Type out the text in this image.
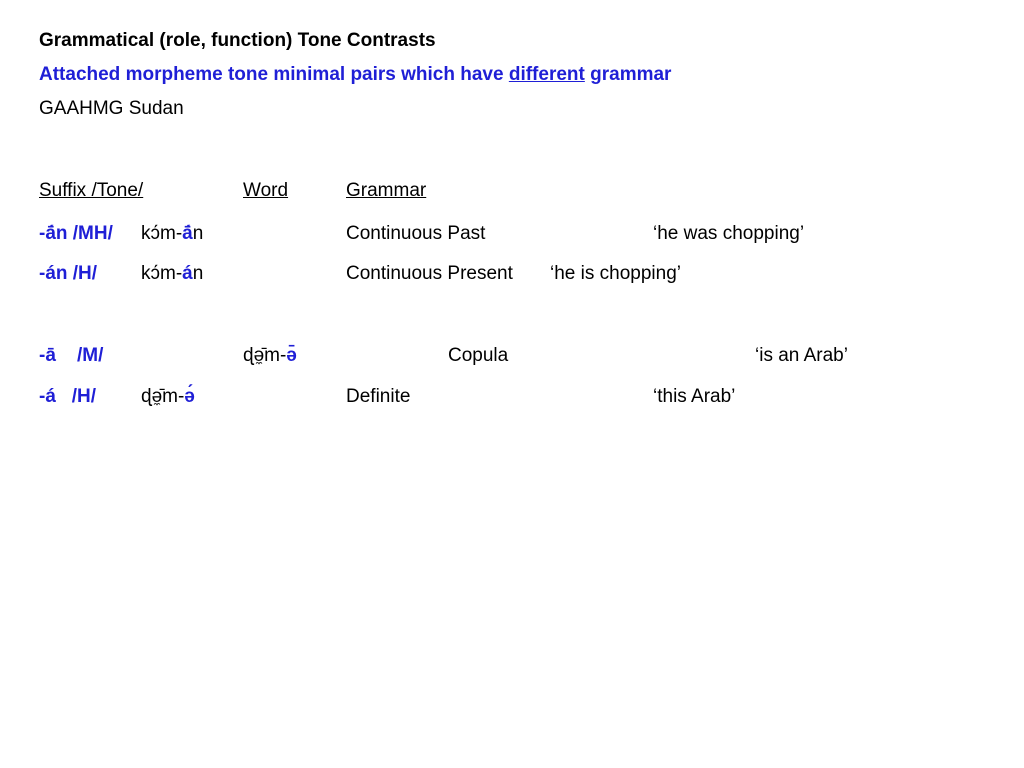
Grammatical (role, function) Tone Contrasts
Attached morpheme tone minimal pairs which have different grammar
GAAHMG Sudan
Suffix /Tone/	Word	Grammar
-ā́n /MH/ kɔ́m-ā́n	Continuous Past	‘he was chopping’
-án /H/ kɔ́m-án	Continuous Present ‘he is chopping’
-ā    /M/	ɖə̼̄m-ə̄	Copula	‘is an Arab’
-á   /H/ ɖə̼̄m-ə́	Definite	‘this Arab’
